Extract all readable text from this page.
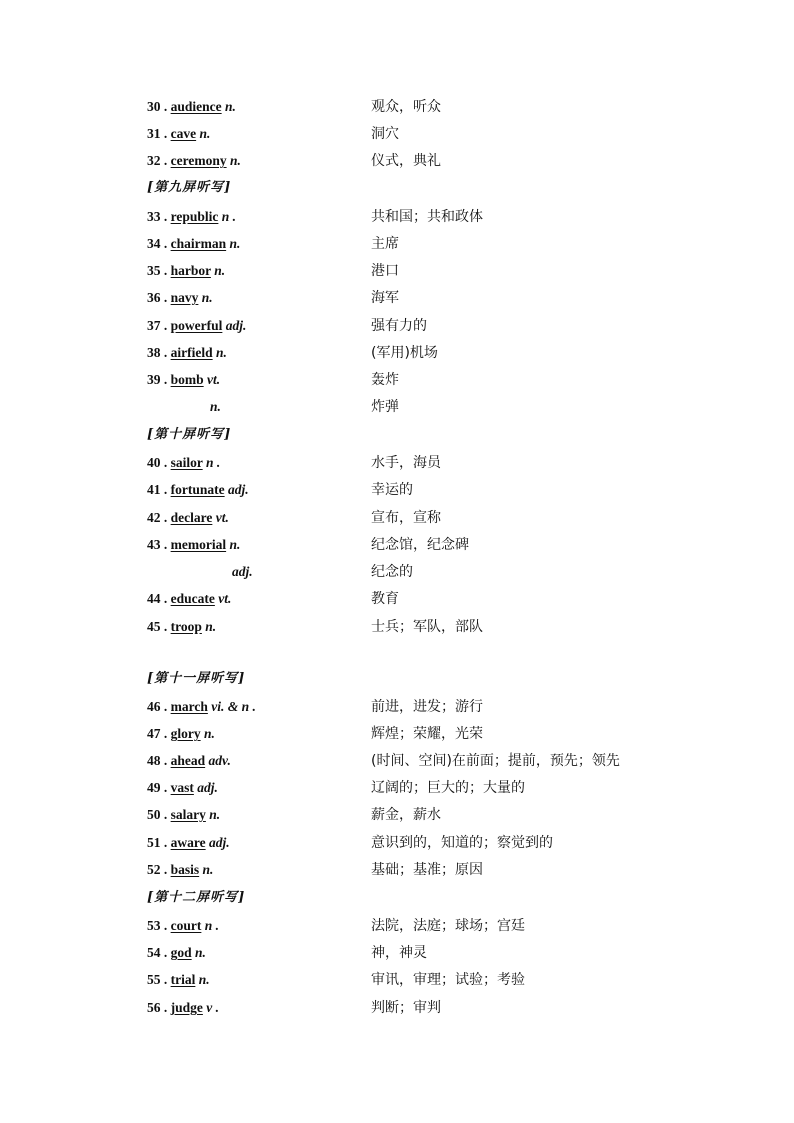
30 . audience n.	观众，听众
31 . cave n.	洞穴
32 . ceremony n.	仪式，典礼
[第九屏听写]
33 . republic n .	共和国；共和政体
34 . chairman n.	主席
35 . harbor n.	港口
36 . navy n.	海军
37 . powerful adj.	强有力的
38 . airfield n.	(军用)机场
39 . bomb vt.	轰炸
n.	炸弹
[第十屏听写]
40 . sailor n .	水手，海员
41 . fortunate adj.	幸运的
42 . declare vt.	宣布，宣称
43 . memorial n.	纪念馆，纪念碑
adj.	纪念的
44 . educate vt.	教育
45 . troop n.	士兵；军队，部队
[第十一屏听写]
46 . march vi. & n .	前进，进发；游行
47 . glory n.	辉煌；荣耀，光荣
48 . ahead adv.	(时间、空间)在前面；提前，预先；领先
49 . vast adj.	辽阔的；巨大的；大量的
50 . salary n.	薪金，薪水
51 . aware adj.	意识到的，知道的；察觉到的
52 . basis n.	基础；基准；原因
[第十二屏听写]
53 . court n .	法院，法庭；球场；宫廷
54 . god n.	神，神灵
55 . trial n.	审讯，审理；试验；考验
56 . judge v .	判断；审判
